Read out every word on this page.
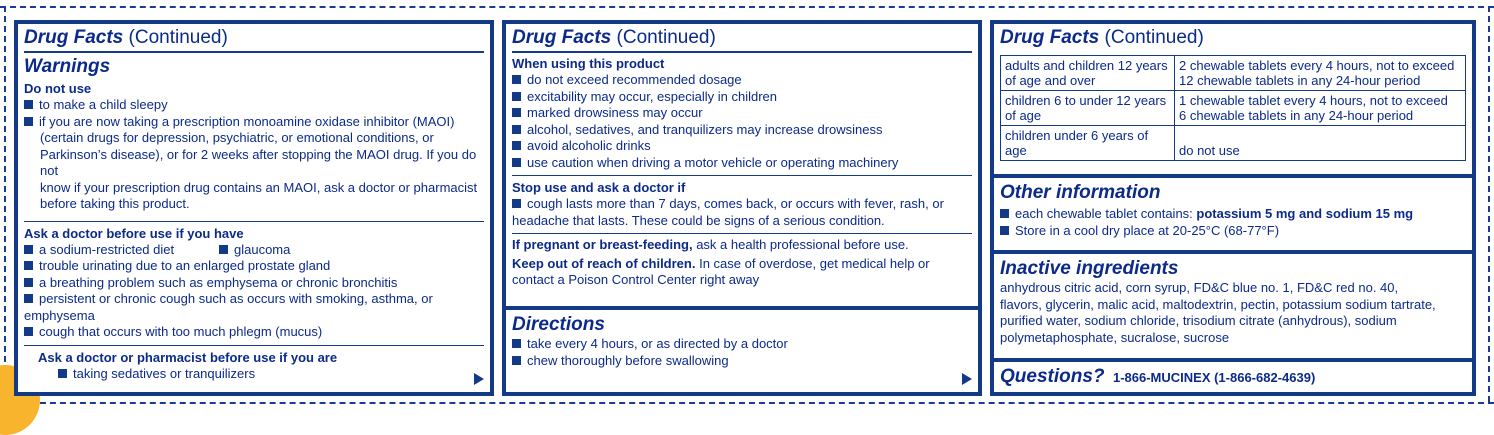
Drug Facts (Continued)
Warnings
Do not use
to make a child sleepy
if you are now taking a prescription monoamine oxidase inhibitor (MAOI)
(certain drugs for depression, psychiatric, or emotional conditions, or
Parkinson’s disease), or for 2 weeks after stopping the MAOI drug. If you do not
know if your prescription drug contains an MAOI, ask a doctor or pharmacist
before taking this product.
Ask a doctor before use if you have
a sodium-restricted diet	glaucoma
trouble urinating due to an enlarged prostate gland
a breathing problem such as emphysema or chronic bronchitis
persistent or chronic cough such as occurs with smoking, asthma, or emphysema
cough that occurs with too much phlegm (mucus)
Ask a doctor or pharmacist before use if you are
taking sedatives or tranquilizers
Drug Facts (Continued)
When using this product
do not exceed recommended dosage
excitability may occur, especially in children
marked drowsiness may occur
alcohol, sedatives, and tranquilizers may increase drowsiness
avoid alcoholic drinks
use caution when driving a motor vehicle or operating machinery
Stop use and ask a doctor if
cough lasts more than 7 days, comes back, or occurs with fever, rash, or
headache that lasts. These could be signs of a serious condition.
If pregnant or breast-feeding, ask a health professional before use.
Keep out of reach of children. In case of overdose, get medical help or
contact a Poison Control Center right away
Directions
take every 4 hours, or as directed by a doctor
chew thoroughly before swallowing
Drug Facts (Continued)
adults and children 12 years
of age and over	2 chewable tablets every 4 hours, not to exceed
12 chewable tablets in any 24-hour period
children 6 to under 12 years
of age	1 chewable tablet every 4 hours, not to exceed
6 chewable tablets in any 24-hour period
children under 6 years of age	do not use
Other information
each chewable tablet contains: potassium 5 mg and sodium 15 mg
Store in a cool dry place at 20-25°C (68-77°F)
Inactive ingredients
anhydrous citric acid, corn syrup, FD&C blue no. 1, FD&C red no. 40,
flavors, glycerin, malic acid, maltodextrin, pectin, potassium sodium tartrate,
purified water, sodium chloride, trisodium citrate (anhydrous), sodium
polymetaphosphate, sucralose, sucrose
Questions? 1-866-MUCINEX (1-866-682-4639)
